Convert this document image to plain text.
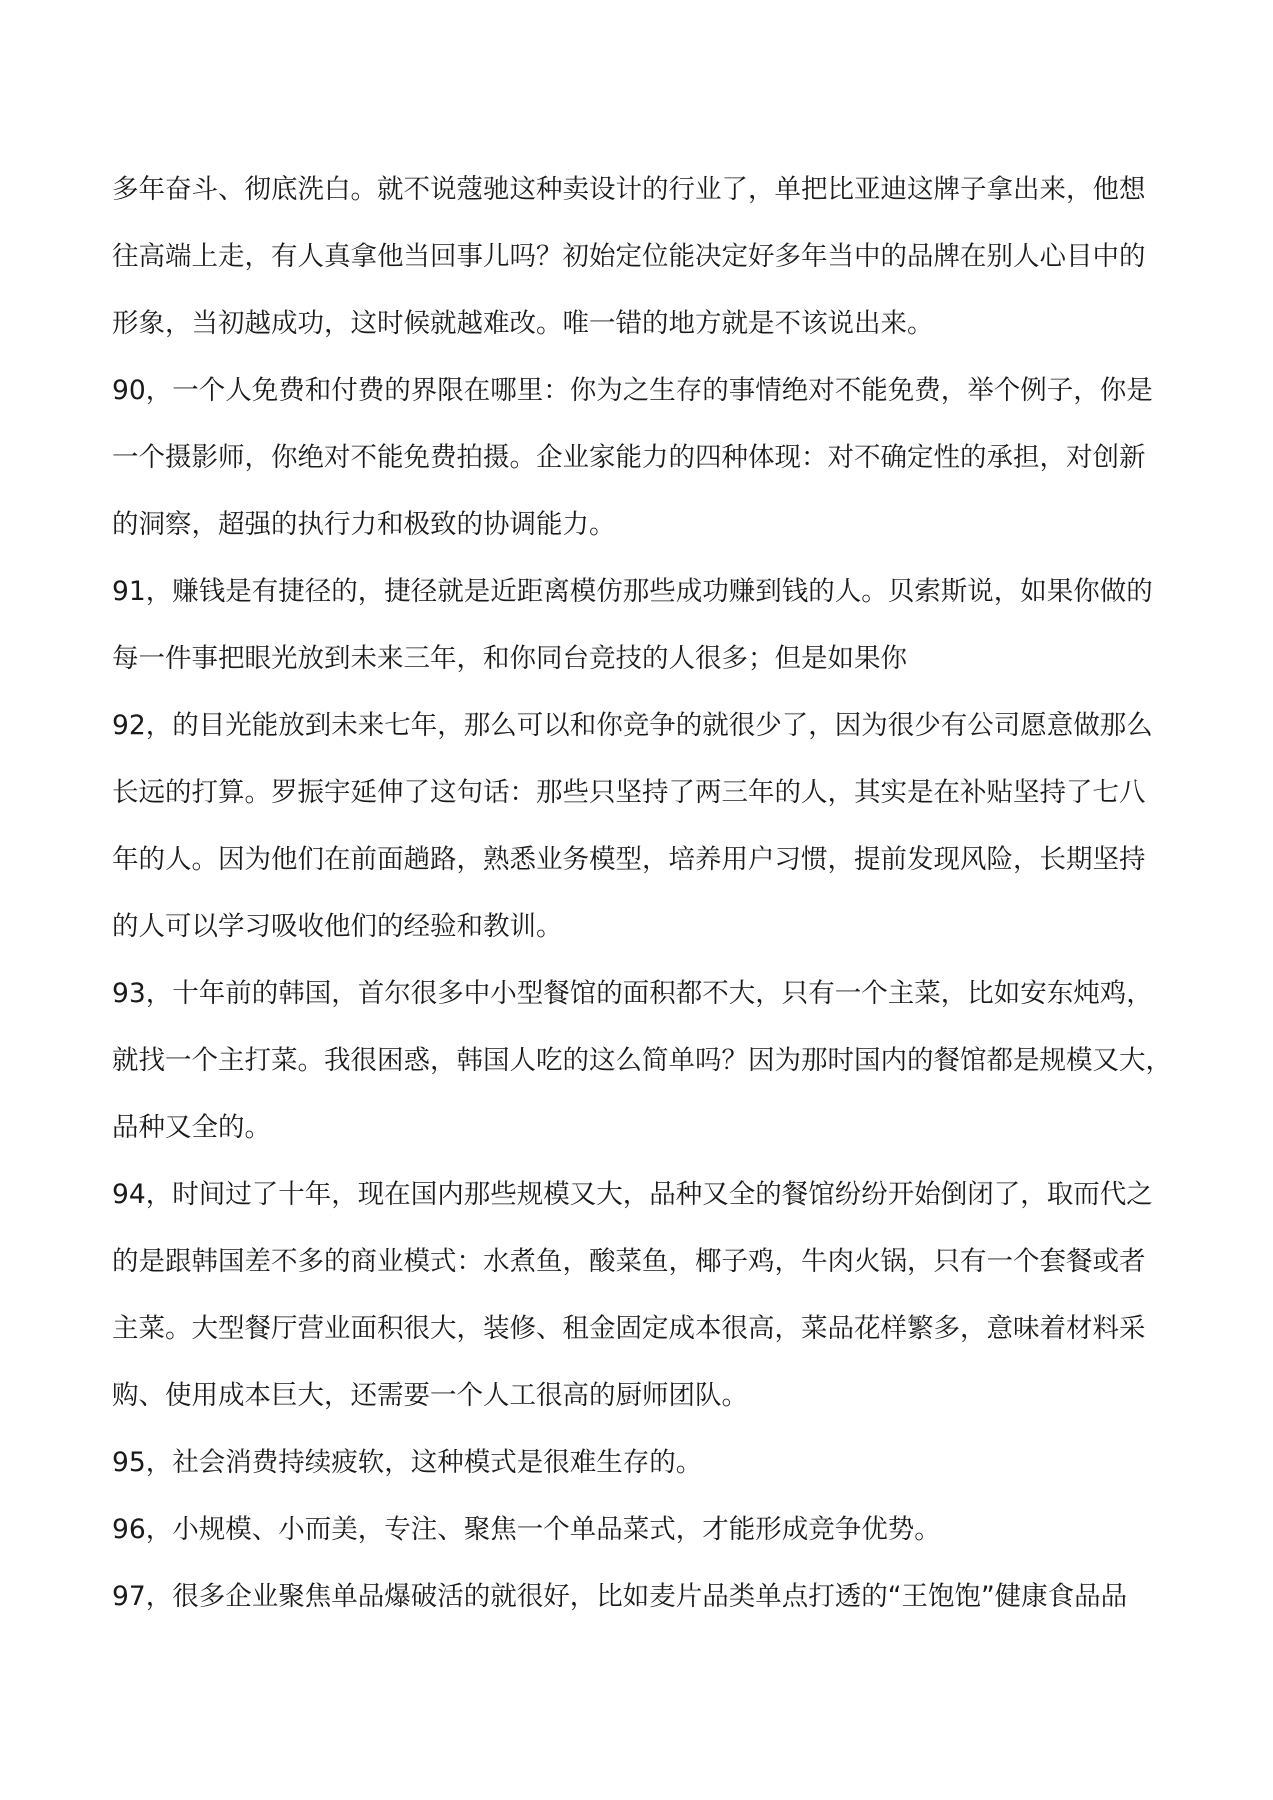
多年奋斗、彻底洗白。就不说蔻驰这种卖设计的行业了，单把比亚迪这牌子拿出来，他想
往高端上走，有人真拿他当回事儿吗？初始定位能决定好多年当中的品牌在别人心目中的
形象，当初越成功，这时候就越难改。唯一错的地方就是不该说出来。
90，一个人免费和付费的界限在哪里：你为之生存的事情绝对不能免费，举个例子，你是
一个摄影师，你绝对不能免费拍摄。企业家能力的四种体现：对不确定性的承担，对创新
的洞察，超强的执行力和极致的协调能力。
91，赚钱是有捷径的，捷径就是近距离模仿那些成功赚到钱的人。贝索斯说，如果你做的
每一件事把眼光放到未来三年，和你同台竞技的人很多；但是如果你
92，的目光能放到未来七年，那么可以和你竞争的就很少了，因为很少有公司愿意做那么
长远的打算。罗振宇延伸了这句话：那些只坚持了两三年的人，其实是在补贴坚持了七八
年的人。因为他们在前面趟路，熟悉业务模型，培养用户习惯，提前发现风险，长期坚持
的人可以学习吸收他们的经验和教训。
93，十年前的韩国，首尔很多中小型餐馆的面积都不大，只有一个主菜，比如安东炖鸡，
就找一个主打菜。我很困惑，韩国人吃的这么简单吗？因为那时国内的餐馆都是规模又大，
品种又全的。
94，时间过了十年，现在国内那些规模又大，品种又全的餐馆纷纷开始倒闭了，取而代之
的是跟韩国差不多的商业模式：水煮鱼，酸菜鱼，椰子鸡，牛肉火锅，只有一个套餐或者
主菜。大型餐厅营业面积很大，装修、租金固定成本很高，菜品花样繁多，意味着材料采
购、使用成本巨大，还需要一个人工很高的厨师团队。
95，社会消费持续疲软，这种模式是很难生存的。
96，小规模、小而美，专注、聚焦一个单品菜式，才能形成竞争优势。
97，很多企业聚焦单品爆破活的就很好，比如麦片品类单点打透的“王饱饱”健康食品品
